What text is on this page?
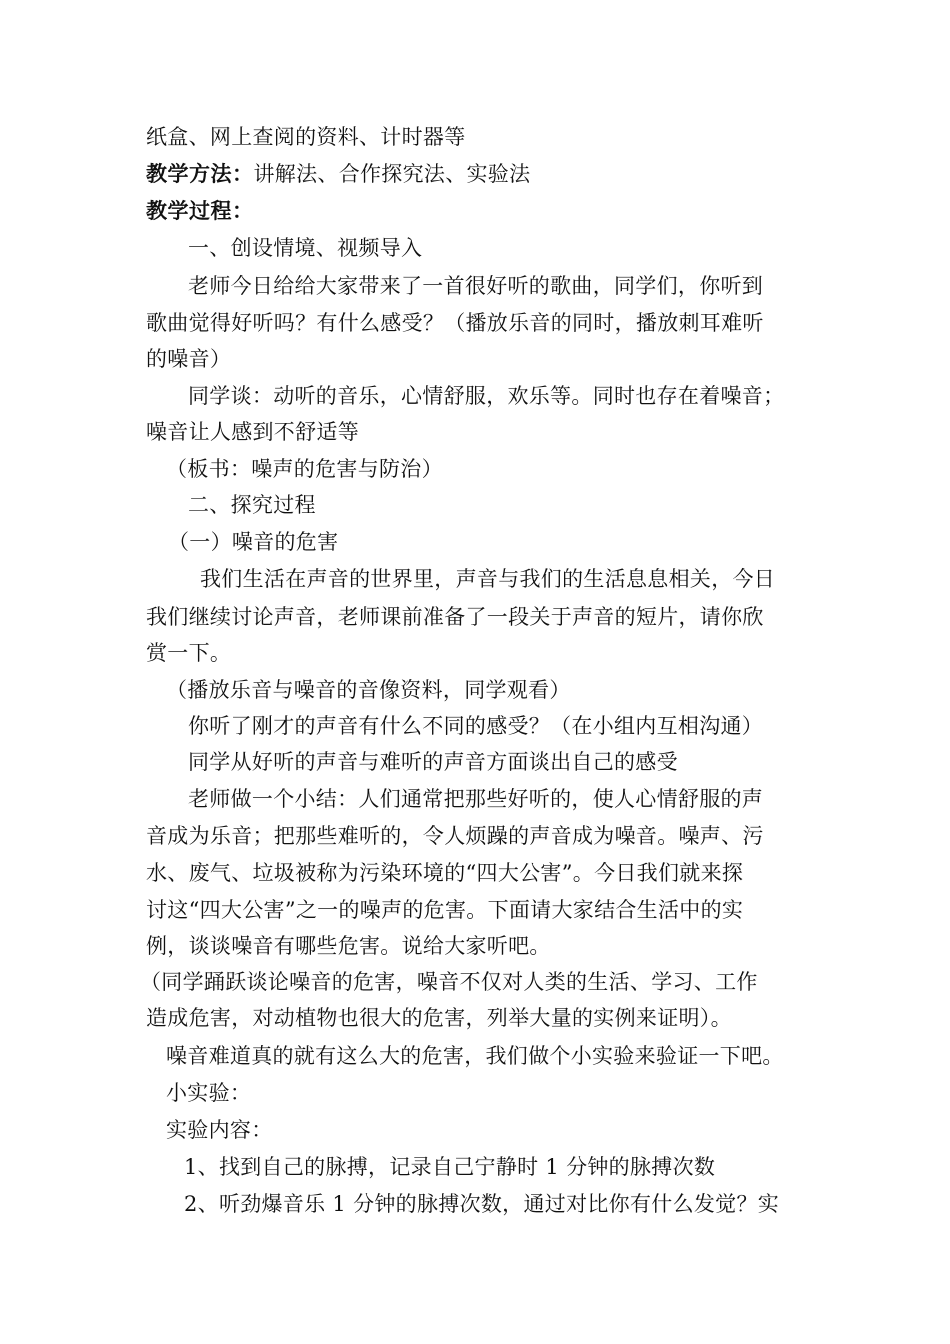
纸盒、网上查阅的资料、计时器等
教学方法：讲解法、合作探究法、实验法
教学过程：
一、创设情境、视频导入
老师今日给给大家带来了一首很好听的歌曲，同学们，你听到
歌曲觉得好听吗？有什么感受？（播放乐音的同时，播放刺耳难听
的噪音）
同学谈：动听的音乐，心情舒服，欢乐等。同时也存在着噪音；
噪音让人感到不舒适等
（板书：噪声的危害与防治）
二、探究过程
（一）噪音的危害
我们生活在声音的世界里，声音与我们的生活息息相关，今日
我们继续讨论声音，老师课前准备了一段关于声音的短片，请你欣
赏一下。
（播放乐音与噪音的音像资料，同学观看）
你听了刚才的声音有什么不同的感受？（在小组内互相沟通）
同学从好听的声音与难听的声音方面谈出自己的感受
老师做一个小结：人们通常把那些好听的，使人心情舒服的声
音成为乐音；把那些难听的，令人烦躁的声音成为噪音。噪声、污
水、废气、垃圾被称为污染环境的“四大公害”。今日我们就来探
讨这“四大公害”之一的噪声的危害。下面请大家结合生活中的实
例，谈谈噪音有哪些危害。说给大家听吧。
（同学踊跃谈论噪音的危害，噪音不仅对人类的生活、学习、工作
造成危害，对动植物也很大的危害，列举大量的实例来证明）。
噪音难道真的就有这么大的危害，我们做个小实验来验证一下吧。
小实验：
实验内容：
1、找到自己的脉搏，记录自己宁静时 1 分钟的脉搏次数
2、听劲爆音乐 1 分钟的脉搏次数，通过对比你有什么发觉？实
